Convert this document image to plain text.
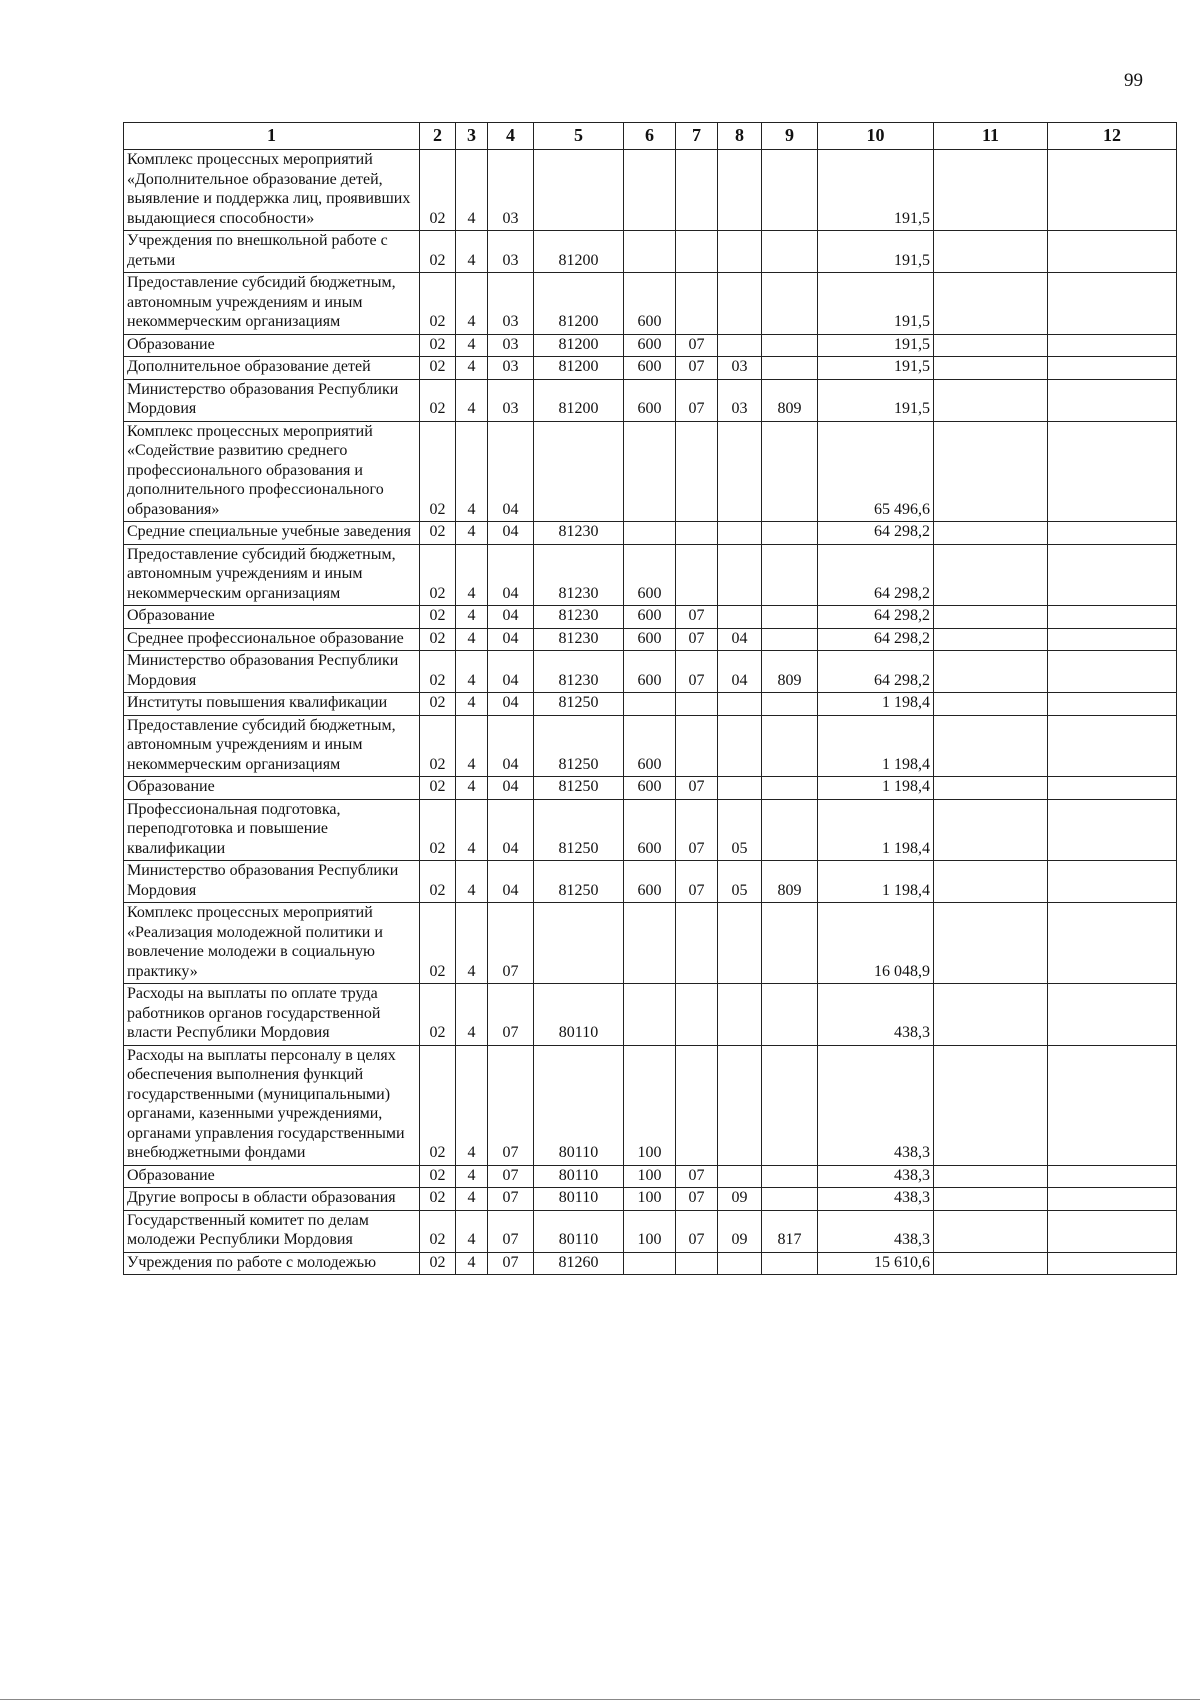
99
1	2	3	4	5	6	7	8	9	10	11	12
Комплекс процессных мероприятий «Дополнительное образование детей, выявление и поддержка лиц, проявивших выдающиеся способности»	02	4	03						191,5		
Учреждения по внешкольной работе с детьми	02	4	03	81200					191,5		
Предоставление субсидий бюджетным, автономным учреждениям и иным некоммерческим организациям	02	4	03	81200	600				191,5		
Образование	02	4	03	81200	600	07			191,5		
Дополнительное образование детей	02	4	03	81200	600	07	03		191,5		
Министерство образования Республики Мордовия	02	4	03	81200	600	07	03	809	191,5		
Комплекс процессных мероприятий «Содействие развитию среднего профессионального образования и дополнительного профессионального образования»	02	4	04						65 496,6		
Средние специальные учебные заведения	02	4	04	81230					64 298,2		
Предоставление субсидий бюджетным, автономным учреждениям и иным некоммерческим организациям	02	4	04	81230	600				64 298,2		
Образование	02	4	04	81230	600	07			64 298,2		
Среднее профессиональное образование	02	4	04	81230	600	07	04		64 298,2		
Министерство образования Республики Мордовия	02	4	04	81230	600	07	04	809	64 298,2		
Институты повышения квалификации	02	4	04	81250					1 198,4		
Предоставление субсидий бюджетным, автономным учреждениям и иным некоммерческим организациям	02	4	04	81250	600				1 198,4		
Образование	02	4	04	81250	600	07			1 198,4		
Профессиональная подготовка, переподготовка и повышение квалификации	02	4	04	81250	600	07	05		1 198,4		
Министерство образования Республики Мордовия	02	4	04	81250	600	07	05	809	1 198,4		
Комплекс процессных мероприятий «Реализация молодежной политики и вовлечение молодежи в социальную практику»	02	4	07						16 048,9		
Расходы на выплаты по оплате труда работников органов государственной власти Республики Мордовия	02	4	07	80110					438,3		
Расходы на выплаты персоналу в целях обеспечения выполнения функций государственными (муниципальными) органами, казенными учреждениями, органами управления государственными внебюджетными фондами	02	4	07	80110	100				438,3		
Образование	02	4	07	80110	100	07			438,3		
Другие вопросы в области образования	02	4	07	80110	100	07	09		438,3		
Государственный комитет по делам молодежи Республики Мордовия	02	4	07	80110	100	07	09	817	438,3		
Учреждения по работе с молодежью	02	4	07	81260					15 610,6		
